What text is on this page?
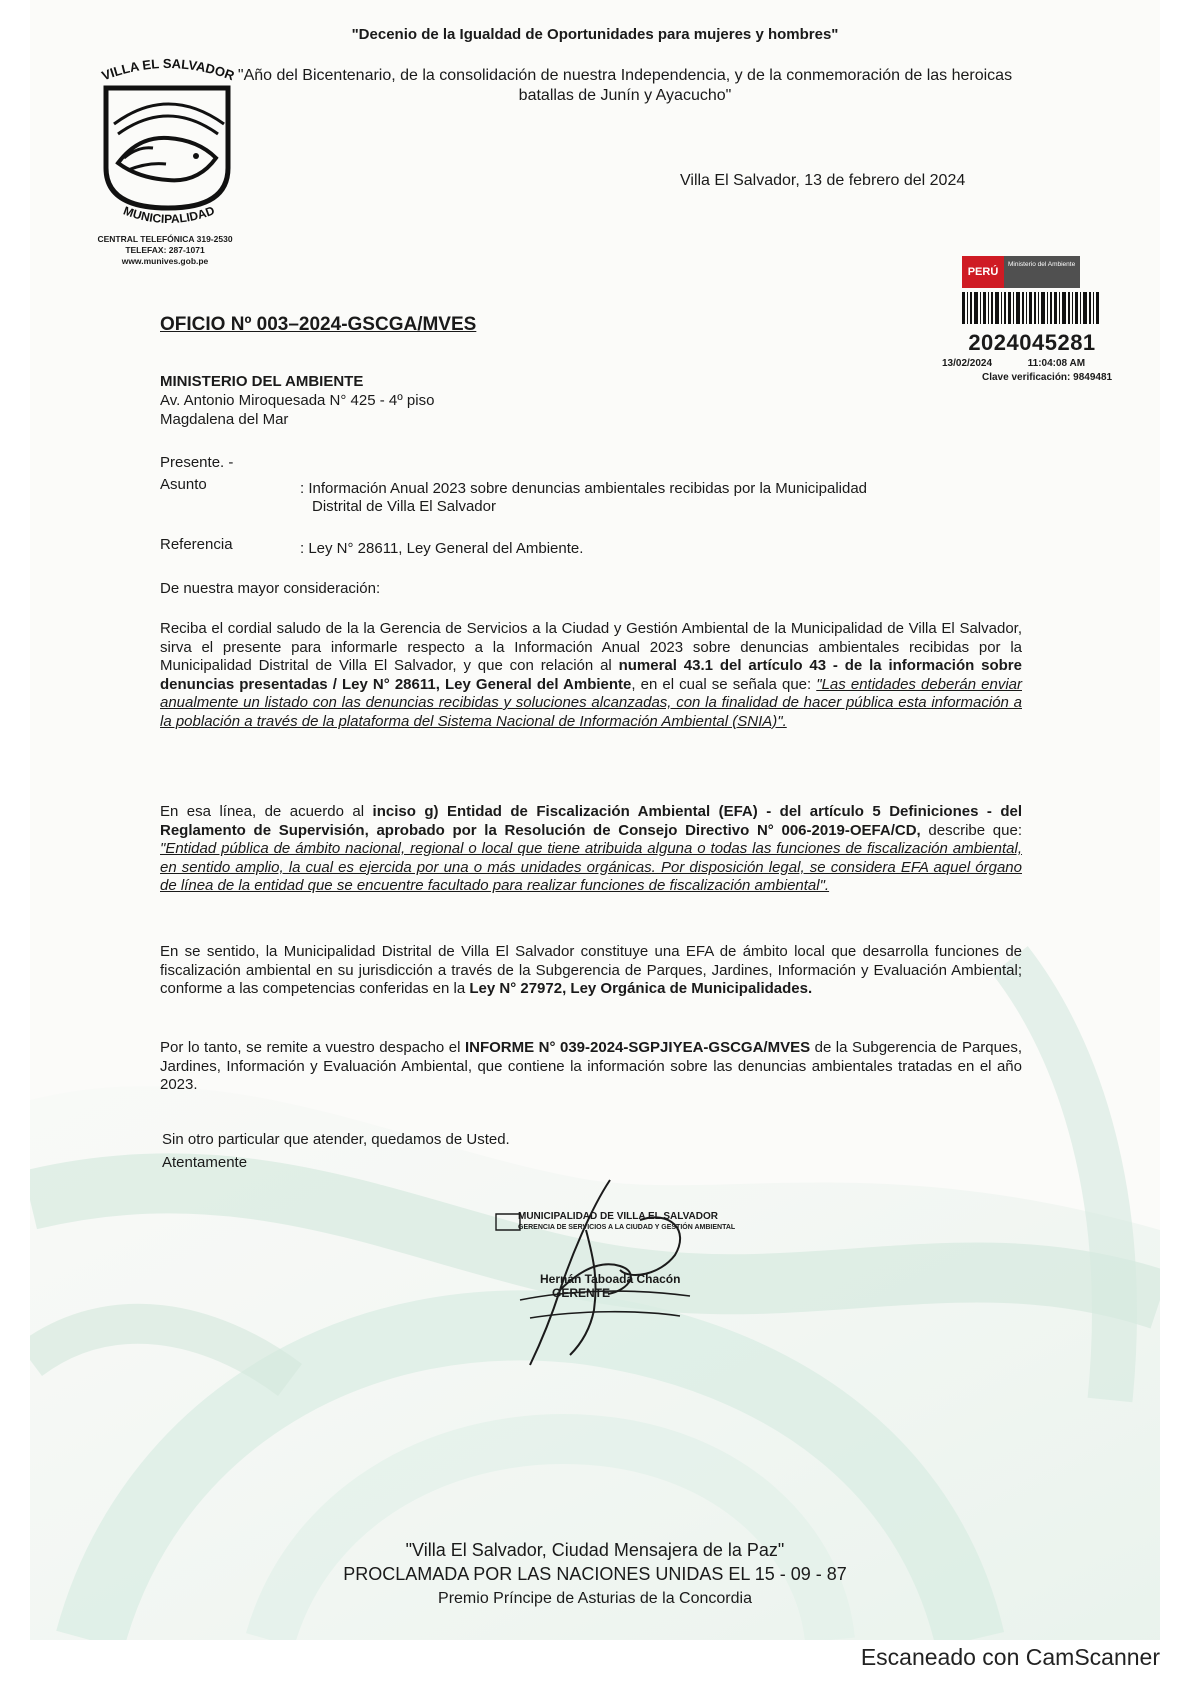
"Decenio de la Igualdad de Oportunidades para mujeres y hombres"
"Año del Bicentenario, de la consolidación de nuestra Independencia, y de la conmemoración de las heroicas batallas de Junín y Ayacucho"
VILLA EL SALVADOR
MUNICIPALIDAD
CENTRAL TELEFÓNICA 319-2530
TELEFAX: 287-1071
www.munives.gob.pe
Villa El Salvador, 13 de febrero del 2024
PERÚ
Ministerio del Ambiente
2024045281
13/02/2024	11:04:08 AM
Clave verificación: 9849481
OFICIO Nº 003–2024-GSCGA/MVES
MINISTERIO DEL AMBIENTE
Av. Antonio Miroquesada N° 425 - 4º piso
Magdalena del Mar
Presente. -
Asunto	: Información Anual 2023 sobre denuncias ambientales recibidas por la Municipalidad
Distrital de Villa El Salvador
Referencia	: Ley N° 28611, Ley General del Ambiente.
De nuestra mayor consideración:
Reciba el cordial saludo de la la Gerencia de Servicios a la Ciudad y Gestión Ambiental de la Municipalidad de Villa El Salvador, sirva el presente para informarle respecto a la Información Anual 2023 sobre denuncias ambientales recibidas por la Municipalidad Distrital de Villa El Salvador, y que con relación al numeral 43.1 del artículo 43 - de la información sobre denuncias presentadas / Ley N° 28611, Ley General del Ambiente, en el cual se señala que: "Las entidades deberán enviar anualmente un listado con las denuncias recibidas y soluciones alcanzadas, con la finalidad de hacer pública esta información a la población a través de la plataforma del Sistema Nacional de Información Ambiental (SNIA)".
En esa línea, de acuerdo al inciso g) Entidad de Fiscalización Ambiental (EFA) - del artículo 5 Definiciones - del Reglamento de Supervisión, aprobado por la Resolución de Consejo Directivo N° 006-2019-OEFA/CD, describe que: "Entidad pública de ámbito nacional, regional o local que tiene atribuida alguna o todas las funciones de fiscalización ambiental, en sentido amplio, la cual es ejercida por una o más unidades orgánicas. Por disposición legal, se considera EFA aquel órgano de línea de la entidad que se encuentre facultado para realizar funciones de fiscalización ambiental".
En se sentido, la Municipalidad Distrital de Villa El Salvador constituye una EFA de ámbito local que desarrolla funciones de fiscalización ambiental en su jurisdicción a través de la Subgerencia de Parques, Jardines, Información y Evaluación Ambiental; conforme a las competencias conferidas en la Ley N° 27972, Ley Orgánica de Municipalidades.
Por lo tanto, se remite a vuestro despacho el INFORME N° 039-2024-SGPJIYEA-GSCGA/MVES de la Subgerencia de Parques, Jardines, Información y Evaluación Ambiental, que contiene la información sobre las denuncias ambientales tratadas en el año 2023.
Sin otro particular que atender, quedamos de Usted.
Atentamente
MUNICIPALIDAD DE VILLA EL SALVADOR
GERENCIA DE SERVICIOS A LA CIUDAD Y GESTIÓN AMBIENTAL
Hernán Taboada Chacón
GERENTE
"Villa El Salvador, Ciudad Mensajera de la Paz"
PROCLAMADA POR LAS NACIONES UNIDAS EL 15 - 09 - 87
Premio Príncipe de Asturias de la Concordia
Escaneado con CamScanner
